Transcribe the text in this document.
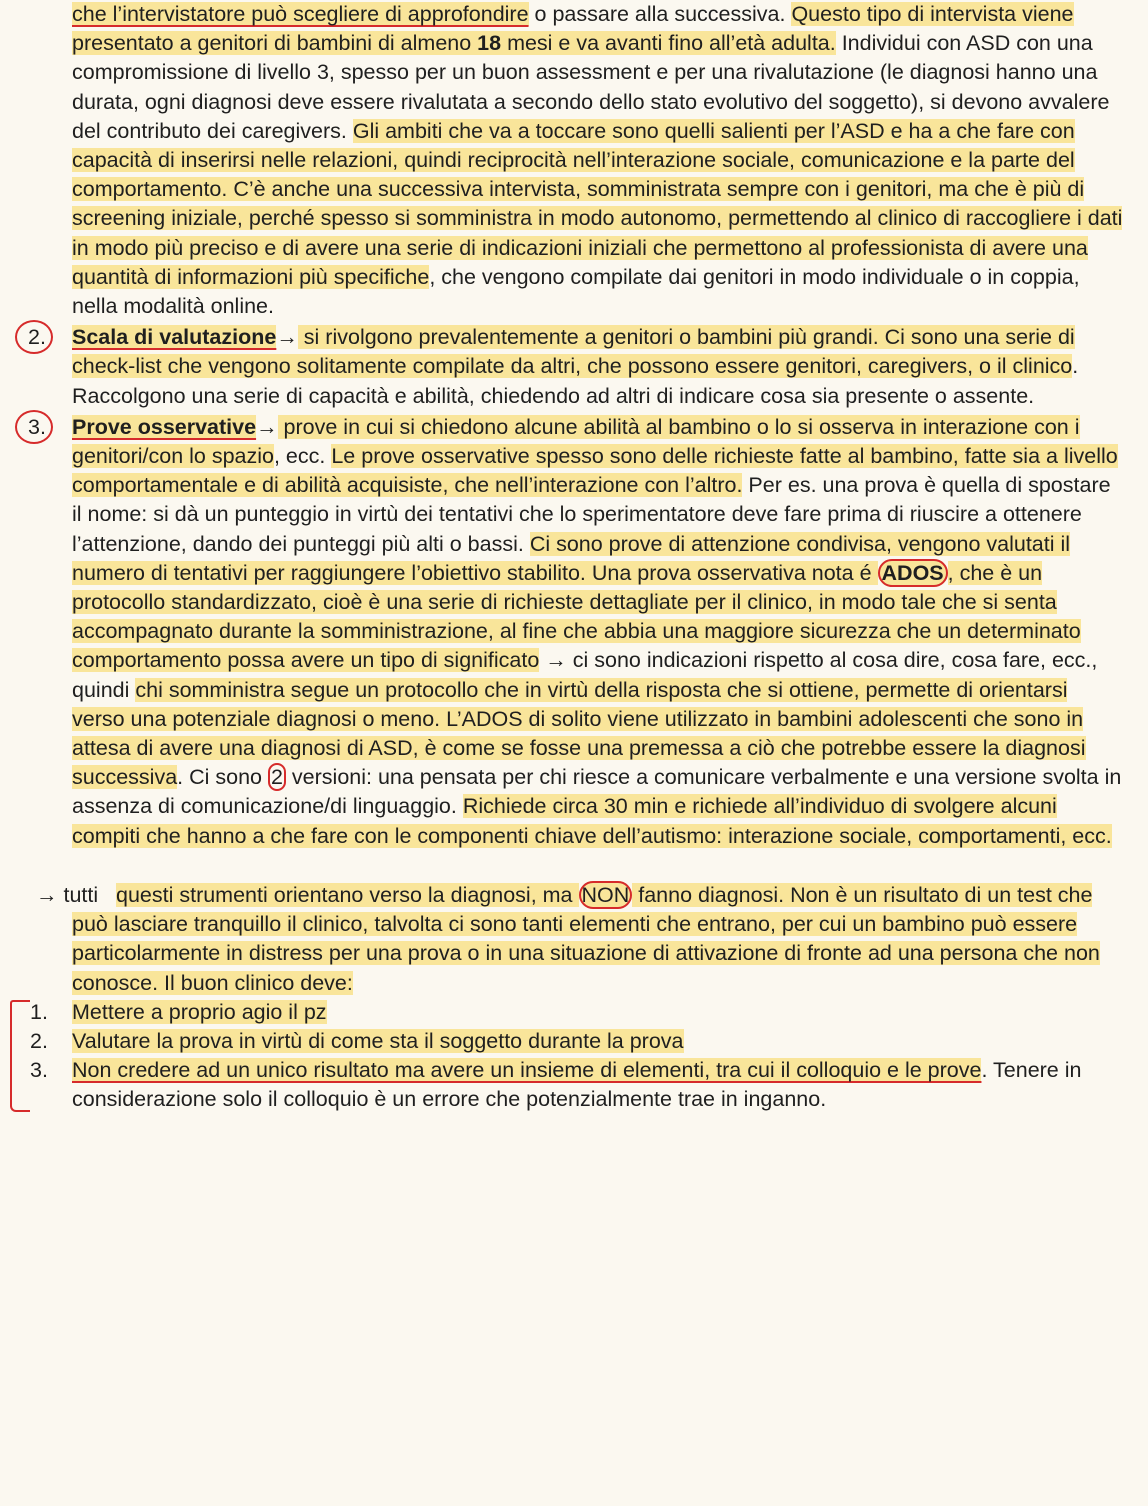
che l’intervistatore può scegliere di approfondire o passare alla successiva. Questo tipo di intervista viene presentato a genitori di bambini di almeno 18 mesi e va avanti fino all’età adulta. Individui con ASD con una compromissione di livello 3, spesso per un buon assessment e per una rivalutazione (le diagnosi hanno una durata, ogni diagnosi deve essere rivalutata a secondo dello stato evolutivo del soggetto), si devono avvalere del contributo dei caregivers. Gli ambiti che va a toccare sono quelli salienti per l’ASD e ha a che fare con capacità di inserirsi nelle relazioni, quindi reciprocità nell’interazione sociale, comunicazione e la parte del comportamento. C’è anche una successiva intervista, somministrata sempre con i genitori, ma che è più di screening iniziale, perché spesso si somministra in modo autonomo, permettendo al clinico di raccogliere i dati in modo più preciso e di avere una serie di indicazioni iniziali che permettono al professionista di avere una quantità di informazioni più specifiche, che vengono compilate dai genitori in modo individuale o in coppia, nella modalità online.

2. Scala di valutazione→ si rivolgono prevalentemente a genitori o bambini più grandi. Ci sono una serie di check-list che vengono solitamente compilate da altri, che possono essere genitori, caregivers, o il clinico. Raccolgono una serie di capacità e abilità, chiedendo ad altri di indicare cosa sia presente o assente.

3. Prove osservative→ prove in cui si chiedono alcune abilità al bambino o lo si osserva in interazione con i genitori/con lo spazio, ecc. Le prove osservative spesso sono delle richieste fatte al bambino, fatte sia a livello comportamentale e di abilità acquisiste, che nell’interazione con l’altro. Per es. una prova è quella di spostare il nome: si dà un punteggio in virtù dei tentativi che lo sperimentatore deve fare prima di riuscire a ottenere l’attenzione, dando dei punteggi più alti o bassi. Ci sono prove di attenzione condivisa, vengono valutati il numero di tentativi per raggiungere l’obiettivo stabilito. Una prova osservativa nota é ADOS , che è un protocollo standardizzato, cioè è una serie di richieste dettagliate per il clinico, in modo tale che si senta accompagnato durante la somministrazione, al fine che abbia una maggiore sicurezza che un determinato comportamento possa avere un tipo di significato → ci sono indicazioni rispetto al cosa dire, cosa fare, ecc., quindi chi somministra segue un protocollo che in virtù della risposta che si ottiene, permette di orientarsi verso una potenziale diagnosi o meno. L’ADOS di solito viene utilizzato in bambini adolescenti che sono in attesa di avere una diagnosi di ASD, è come se fosse una premessa a ciò che potrebbe essere la diagnosi successiva. Ci sono 2 versioni: una pensata per chi riesce a comunicare verbalmente e una versione svolta in assenza di comunicazione/di linguaggio. Richiede circa 30 min e richiede all’individuo di svolgere alcuni compiti che hanno a che fare con le componenti chiave dell’autismo: interazione sociale, comportamenti, ecc.

→ tutti questi strumenti orientano verso la diagnosi, ma NON fanno diagnosi. Non è un risultato di un test che può lasciare tranquillo il clinico, talvolta ci sono tanti elementi che entrano, per cui un bambino può essere particolarmente in distress per una prova o in una situazione di attivazione di fronte ad una persona che non conosce. Il buon clinico deve:

1. Mettere a proprio agio il pz

2. Valutare la prova in virtù di come sta il soggetto durante la prova

3. Non credere ad un unico risultato ma avere un insieme di elementi, tra cui il colloquio e le prove. Tenere in considerazione solo il colloquio è un errore che potenzialmente trae in inganno.
